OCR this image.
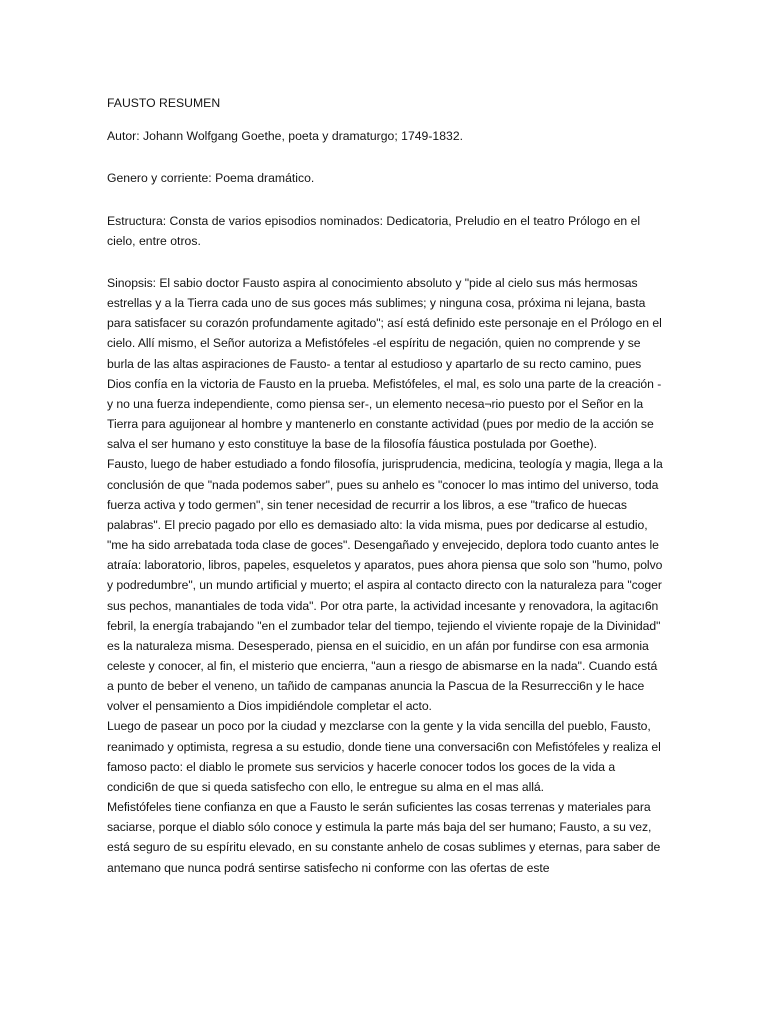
FAUSTO RESUMEN

Autor: Johann Wolfgang Goethe, poeta y dramaturgo; 1749-1832.

Genero y corriente: Poema dramático.

Estructura: Consta de varios episodios nominados: Dedicatoria, Preludio en el teatro Prólogo en el cielo, entre otros.

Sinopsis: El sabio doctor Fausto aspira al conocimiento absoluto y "pide al cielo sus más hermosas estrellas y a la Tierra cada uno de sus goces más sublimes; y ninguna cosa, próxima ni lejana, basta para satisfacer su corazón profundamente agitado"; así está definido este personaje en el Prólogo en el cielo. Allí mismo, el Señor autoriza a Mefistófeles -el espíritu de negación, quien no comprende y se burla de las altas aspiraciones de Fausto- a tentar al estudioso y apartarlo de su recto camino, pues Dios confía en la victoria de Fausto en la prueba. Mefistófeles, el mal, es solo una parte de la creación -y no una fuerza independiente, como piensa ser-, un elemento necesa¬rio puesto por el Señor en la Tierra para aguijonear al hombre y mantenerlo en constante actividad (pues por medio de la acción se salva el ser humano y esto constituye la base de la filosofía fáustica postulada por Goethe).

Fausto, luego de haber estudiado a fondo filosofía, jurisprudencia, medicina, teología y magia, llega a la conclusión de que "nada podemos saber", pues su anhelo es "conocer lo mas intimo del universo, toda fuerza activa y todo germen", sin tener necesidad de recurrir a los libros, a ese "trafico de huecas palabras". El precio pagado por ello es demasiado alto: la vida misma, pues por dedicarse al estudio, "me ha sido arrebatada toda clase de goces". Desengañado y envejecido, deplora todo cuanto antes le atraía: laboratorio, libros, papeles, esqueletos y aparatos, pues ahora piensa que solo son "humo, polvo y podredumbre", un mundo artificial y muerto; el aspira al contacto directo con la naturaleza para "coger sus pechos, manantiales de toda vida". Por otra parte, la actividad incesante y renovadora, la agitacı6n febril, la energía trabajando "en el zumbador telar del tiempo, tejiendo el viviente ropaje de la Divinidad" es la naturaleza misma. Desesperado, piensa en el suicidio, en un afán por fundirse con esa armonia celeste y conocer, al fin, el misterio que encierra, "aun a riesgo de abismarse en la nada". Cuando está a punto de beber el veneno, un tañido de campanas anuncia la Pascua de la Resurrecci6n y le hace volver el pensamiento a Dios impidiéndole completar el acto.

Luego de pasear un poco por la ciudad y mezclarse con la gente y la vida sencilla del pueblo, Fausto, reanimado y optimista, regresa a su estudio, donde tiene una conversaci6n con Mefistófeles y realiza el famoso pacto: el diablo le promete sus servicios y hacerle conocer todos los goces de la vida a condici6n de que si queda satisfecho con ello, le entregue su alma en el mas allá.

Mefistófeles tiene confianza en que a Fausto le serán suficientes las cosas terrenas y materiales para saciarse, porque el diablo sólo conoce y estimula la parte más baja del ser humano; Fausto, a su vez, está seguro de su espíritu elevado, en su constante anhelo de cosas sublimes y eternas, para saber de antemano que nunca podrá sentirse satisfecho ni conforme con las ofertas de este
